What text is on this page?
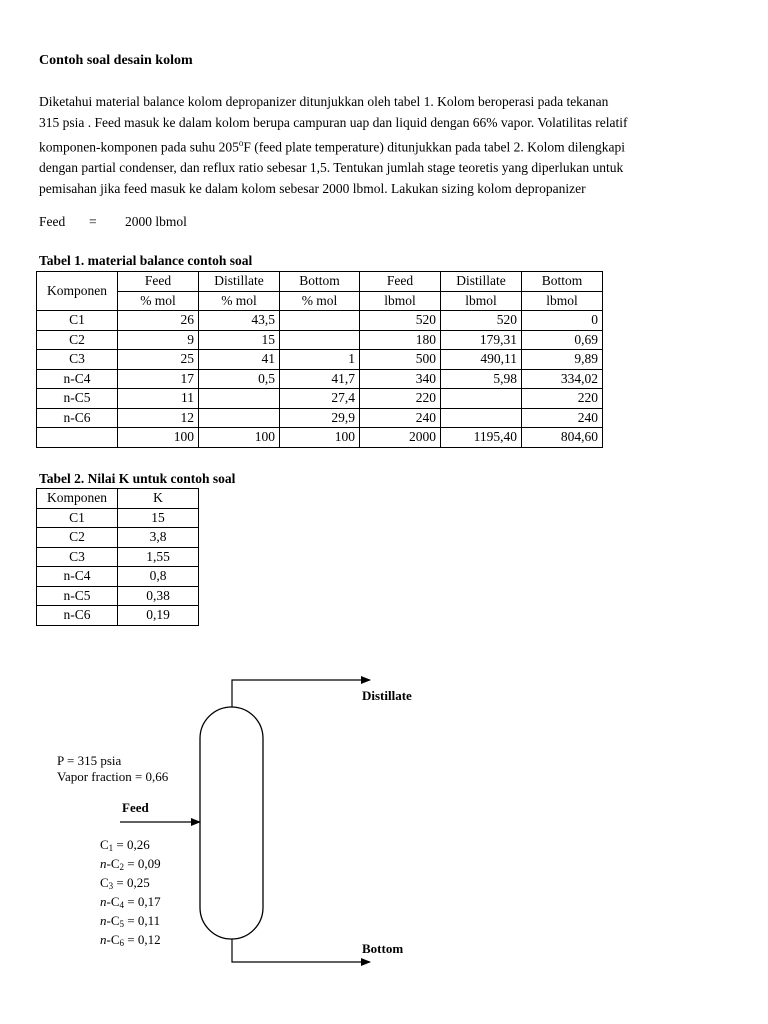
Contoh soal desain kolom

Diketahui material balance kolom depropanizer ditunjukkan oleh tabel 1. Kolom beroperasi pada tekanan

315 psia . Feed masuk ke dalam kolom berupa campuran uap dan liquid dengan 66% vapor. Volatilitas relatif

komponen-komponen pada suhu 205$^o$F (feed plate temperature) ditunjukkan pada tabel 2. Kolom dilengkapi

dengan partial condenser, dan reflux ratio sebesar 1,5. Tentukan jumlah stage teoretis yang diperlukan untuk

pemisahan jika feed masuk ke dalam kolom sebesar 2000 lbmol. Lakukan sizing kolom depropanizer

Feed = 2000 lbmol
Tabel 1. material balance contoh soal
Komponen	Feed	Distillate	Bottom	Feed	Distillate	Bottom
	% mol	% mol	% mol	lbmol	lbmol	lbmol
C1	26	43,5		520	520	0
C2	9	15		180	179,31	0,69
C3	25	41	1	500	490,11	9,89
n-C4	17	0,5	41,7	340	5,98	334,02
n-C5	11		27,4	220		220
n-C6	12		29,9	240		240
	100	100	100	2000	1195,40	804,60
Tabel 2. Nilai K untuk contoh soal
Komponen	K
C1	15
C2	3,8
C3	1,55
n-C4	0,8
n-C5	0,38
n-C6	0,19
Distillate
Bottom
P = 315 psia
Vapor fraction = 0,66
Feed
$C_1 = 0,26$
$n-C_2 = 0,09$
$C_3 = 0,25$
$n-C_4 = 0,17$
$n-C_5 = 0,11$
$n-C_6 = 0,12$
